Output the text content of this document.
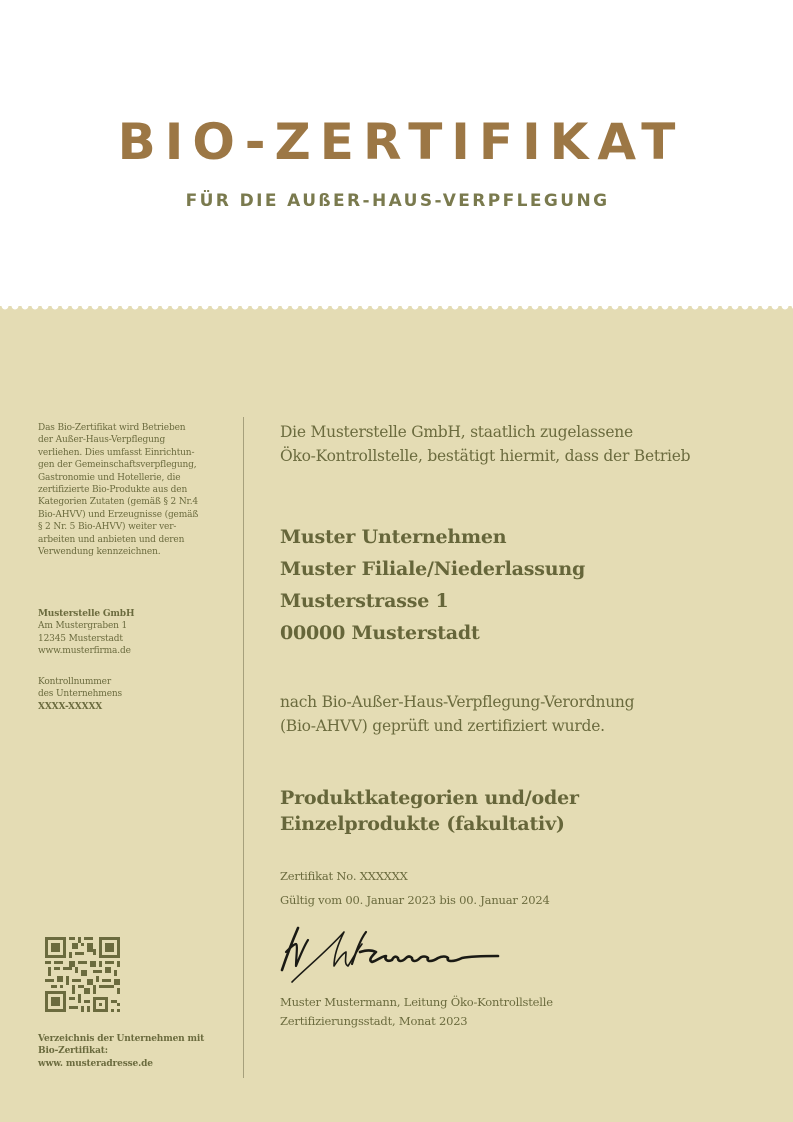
BIO-ZERTIFIKAT
FÜR DIE AUßER-HAUS-VERPFLEGUNG

Das Bio-Zertifikat wird Betrieben

der Außer-Haus-Verpflegung

verliehen. Dies umfasst Einrichtun-

gen der Gemeinschaftsverpflegung,

Gastronomie und Hotellerie, die

zertifizierte Bio-Produkte aus den

Kategorien Zutaten (gemäß § 2 Nr.4

Bio-AHVV) und Erzeugnisse (gemäß

§ 2 Nr. 5 Bio-AHVV) weiter ver-

arbeiten und anbieten und deren

Verwendung kennzeichnen.

Musterstelle GmbH

Am Mustergraben 1

12345 Musterstadt

www.musterfirma.de

Kontrollnummer

des Unternehmens

XXXX-XXXXX

Verzeichnis der Unternehmen mit

Bio-Zertifikat:

www. musteradresse.de

Die Musterstelle GmbH, staatlich zugelassene
Öko-Kontrollstelle, bestätigt hiermit, dass der Betrieb
Muster Unternehmen
Muster Filiale/Niederlassung
Musterstrasse 1
00000 Musterstadt
nach Bio-Außer-Haus-Verpflegung-Verordnung
(Bio-AHVV) geprüft und zertifiziert wurde.
Produktkategorien und/oder
Einzelprodukte (fakultativ)
Zertifikat No. XXXXXX
Gültig vom 00. Januar 2023 bis 00. Januar 2024
Muster Mustermann, Leitung Öko-Kontrollstelle
Zertifizierungsstadt, Monat 2023
